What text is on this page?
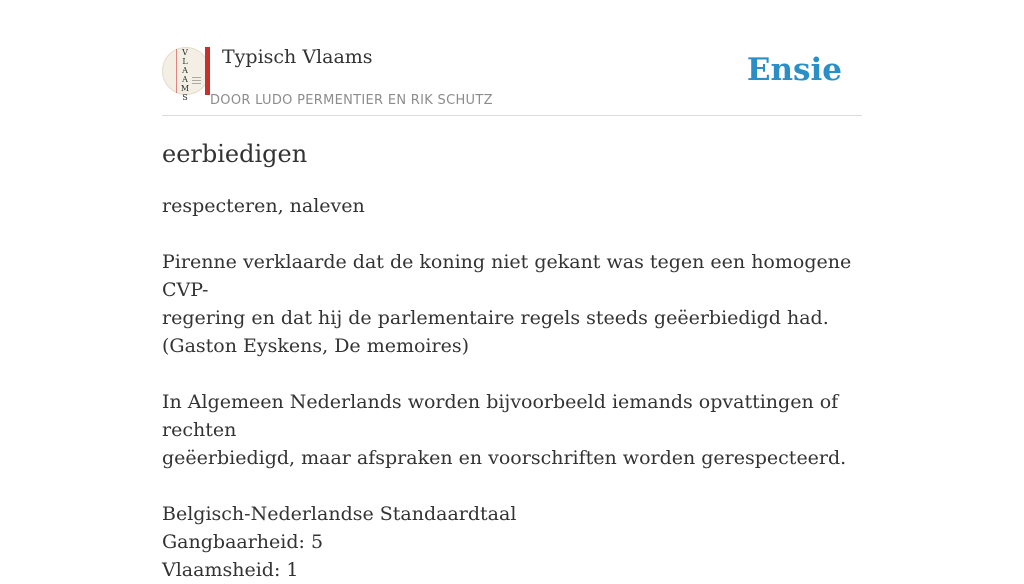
V
L
A
A
M
S
Typisch Vlaams
DOOR LUDO PERMENTIER EN RIK SCHUTZ
Ensie
eerbiedigen

respecteren, naleven

Pirenne verklaarde dat de koning niet gekant was tegen een homogene CVP-

regering en dat hij de parlementaire regels steeds geëerbiedigd had.

(Gaston Eyskens, De memoires)

In Algemeen Nederlands worden bijvoorbeeld iemands opvattingen of rechten

geëerbiedigd, maar afspraken en voorschriften worden gerespecteerd.

Belgisch-Nederlandse Standaardtaal

Gangbaarheid: 5

Vlaamsheid: 1
